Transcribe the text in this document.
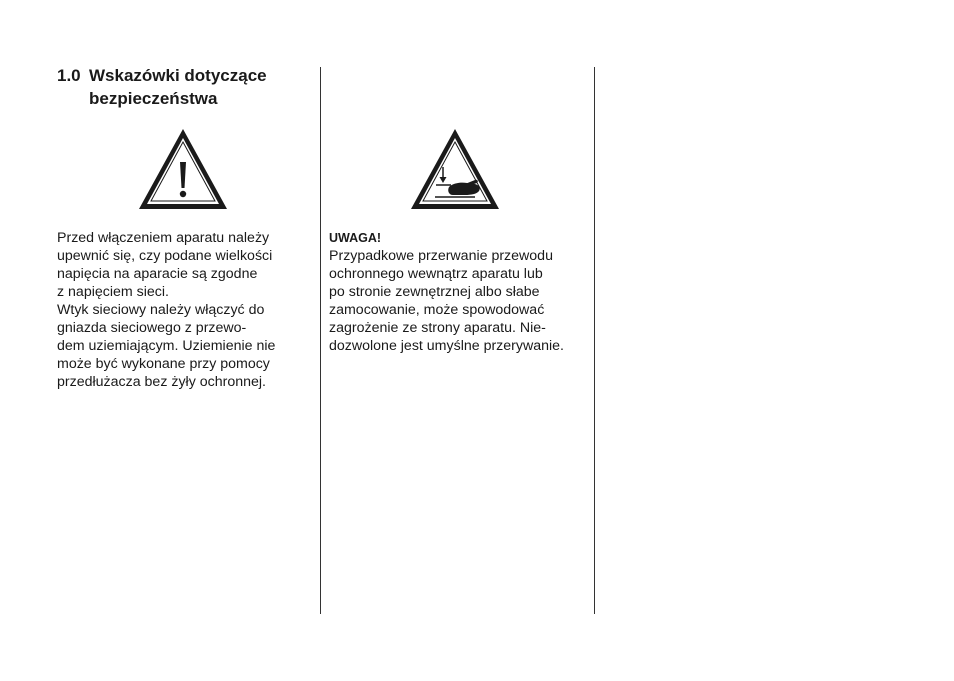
1.0 Wskazówki dotyczące bezpieczeństwa

Przed włączeniem aparatu należy
upewnić się, czy podane wielkości
napięcia na aparacie są zgodne
z napięciem sieci.

Wtyk sieciowy należy włączyć do
gniazda sieciowego z przewo-
dem uziemiającym. Uziemienie nie
może być wykonane przy pomocy
przedłużacza bez żyły ochronnej.

UWAGA!

Przypadkowe przerwanie przewodu
ochronnego wewnątrz aparatu lub
po stronie zewnętrznej albo słabe
zamocowanie, może spowodować
zagrożenie ze strony aparatu. Nie-
dozwolone jest umyślne przerywanie.
